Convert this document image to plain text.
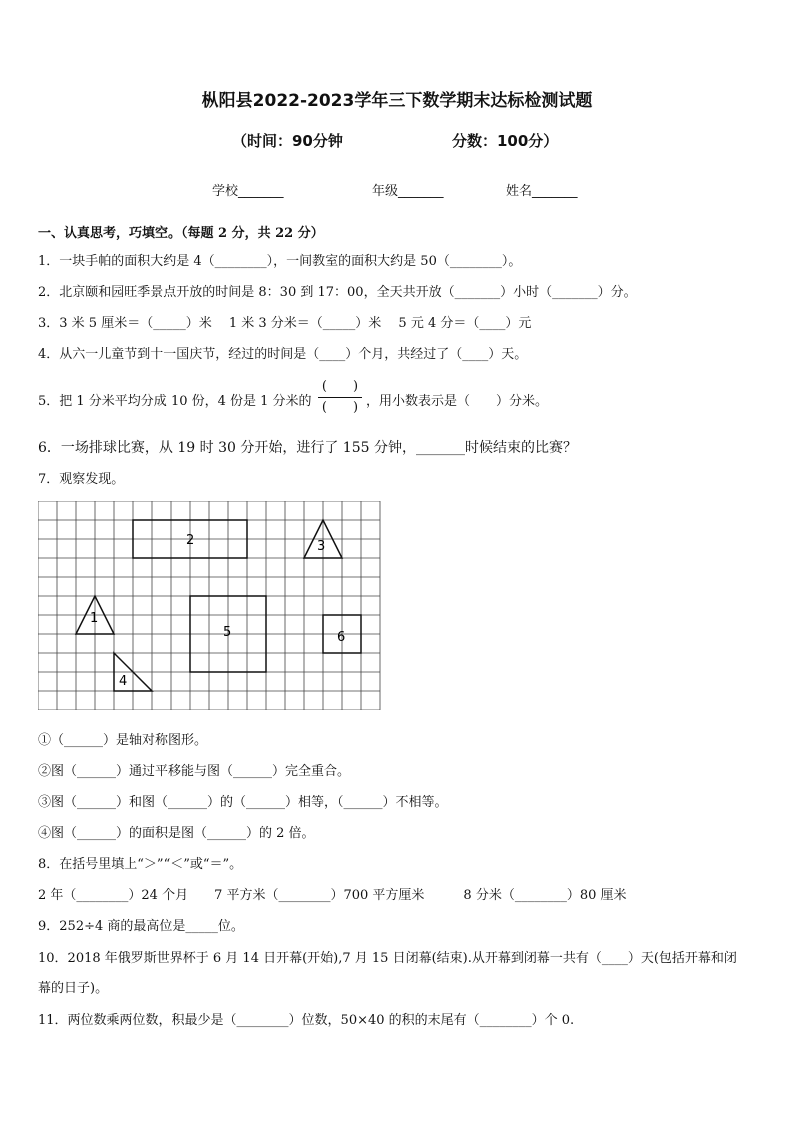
枞阳县2022-2023学年三下数学期末达标检测试题
（时间：90分钟	分数：100分）
学校_______	年级_______	姓名_______
一、认真思考，巧填空。（每题 2 分，共 22 分）
1．一块手帕的面积大约是 4（________），一间教室的面积大约是 50（________）。
2．北京颐和园旺季景点开放的时间是 8：30 到 17：00，全天共开放（_______）小时（_______）分。
3．3 米 5 厘米＝（_____）米　 1 米 3 分米＝（_____）米　 5 元 4 分＝（____）元
4．从六一儿童节到十一国庆节，经过的时间是（____）个月，共经过了（____）天。
5．把 1 分米平均分成 10 份，4 份是 1 分米的
(　　)
(　　) ，用小数表示是（　　）分米。
6．一场排球比赛，从 19 时 30 分开始，进行了 155 分钟，_______时候结束的比赛？
7．观察发现。
1
2	3
4
5	6
①（______）是轴对称图形。
②图（______）通过平移能与图（______）完全重合。
③图（______）和图（______）的（______）相等，（______）不相等。
④图（______）的面积是图（______）的 2 倍。
8．在括号里填上“＞”“＜”或“＝”。
2 年（________）24 个月　　7 平方米（________）700 平方厘米　　　8 分米（________）80 厘米
9．252÷4 商的最高位是_____位。
10．2018 年俄罗斯世界杯于 6 月 14 日开幕(开始),7 月 15 日闭幕(结束).从开幕到闭幕一共有（____）天(包括开幕和闭
幕的日子)。
11．两位数乘两位数，积最少是（________）位数，50×40 的积的末尾有（________）个 0.
